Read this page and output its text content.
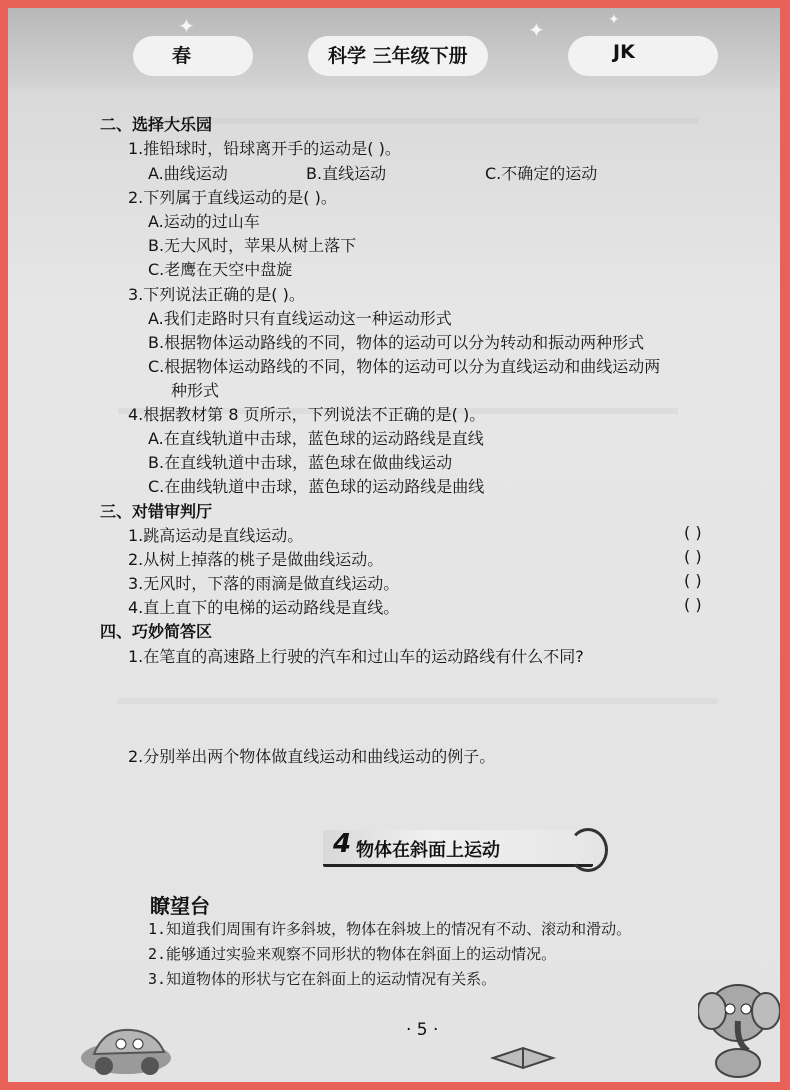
✦	✦	✦
春	科学 三年级下册	JK
二、选择大乐园
1.推铅球时，铅球离开手的运动是( )。
A.曲线运动	B.直线运动	C.不确定的运动
2.下列属于直线运动的是( )。
A.运动的过山车
B.无大风时，苹果从树上落下
C.老鹰在天空中盘旋
3.下列说法正确的是( )。
A.我们走路时只有直线运动这一种运动形式
B.根据物体运动路线的不同，物体的运动可以分为转动和振动两种形式
C.根据物体运动路线的不同，物体的运动可以分为直线运动和曲线运动两
种形式
4.根据教材第 8 页所示，下列说法不正确的是( )。
A.在直线轨道中击球，蓝色球的运动路线是直线
B.在直线轨道中击球，蓝色球在做曲线运动
C.在曲线轨道中击球，蓝色球的运动路线是曲线
三、对错审判厅
1.跳高运动是直线运动。	( )
2.从树上掉落的桃子是做曲线运动。	( )
3.无风时，下落的雨滴是做直线运动。	( )
4.直上直下的电梯的运动路线是直线。	( )
四、巧妙简答区
1.在笔直的高速路上行驶的汽车和过山车的运动路线有什么不同?
2.分别举出两个物体做直线运动和曲线运动的例子。
4 物体在斜面上运动
瞭望台
1.知道我们周围有许多斜坡，物体在斜坡上的情况有不动、滚动和滑动。
2.能够通过实验来观察不同形状的物体在斜面上的运动情况。
3.知道物体的形状与它在斜面上的运动情况有关系。
· 5 ·
